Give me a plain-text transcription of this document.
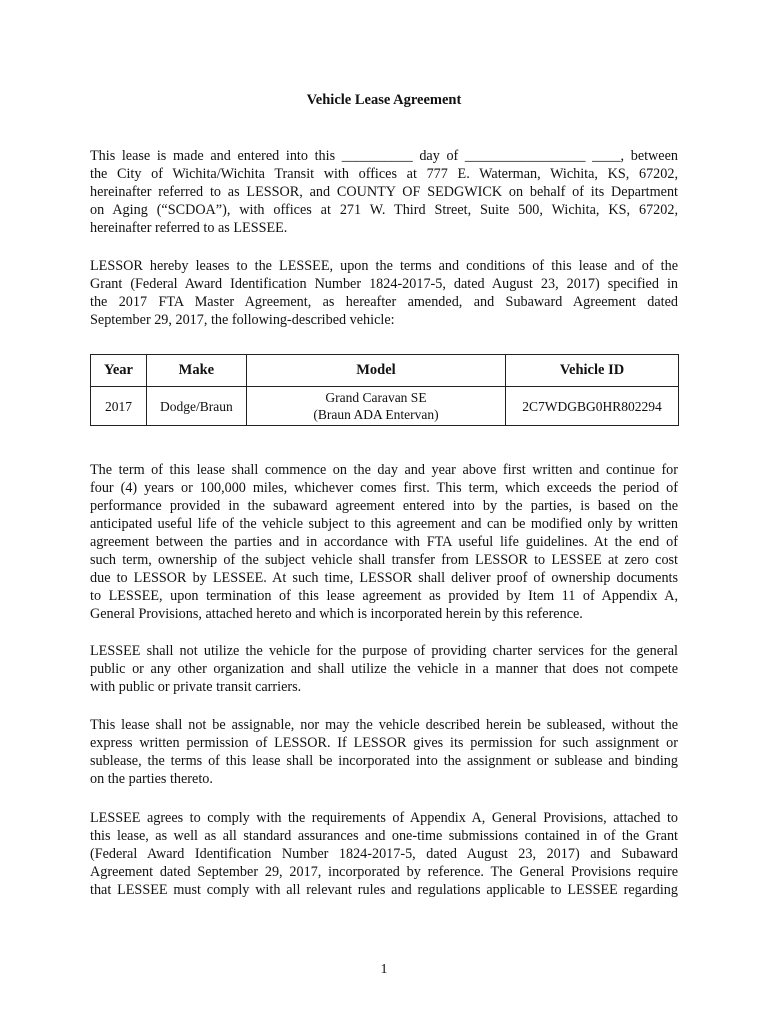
Vehicle Lease Agreement
This lease is made and entered into this __________ day of _________________ ____, between
the City of Wichita/Wichita Transit with offices at 777 E. Waterman, Wichita, KS, 67202,
hereinafter referred to as LESSOR, and COUNTY OF SEDGWICK on behalf of its Department
on Aging (“SCDOA”), with offices at 271 W. Third Street, Suite 500, Wichita, KS, 67202,
hereinafter referred to as LESSEE.
LESSOR hereby leases to the LESSEE, upon the terms and conditions of this lease and of the
Grant (Federal Award Identification Number 1824-2017-5, dated August 23, 2017) specified in
the 2017 FTA Master Agreement, as hereafter amended, and Subaward Agreement dated
September 29, 2017, the following-described vehicle:
Year	Make	Model	Vehicle ID
2017	Dodge/Braun	Grand Caravan SE
(Braun ADA Entervan)	2C7WDGBG0HR802294
The term of this lease shall commence on the day and year above first written and continue for
four (4) years or 100,000 miles, whichever comes first. This term, which exceeds the period of
performance provided in the subaward agreement entered into by the parties, is based on the
anticipated useful life of the vehicle subject to this agreement and can be modified only by written
agreement between the parties and in accordance with FTA useful life guidelines. At the end of
such term, ownership of the subject vehicle shall transfer from LESSOR to LESSEE at zero cost
due to LESSOR by LESSEE. At such time, LESSOR shall deliver proof of ownership documents
to LESSEE, upon termination of this lease agreement as provided by Item 11 of Appendix A,
General Provisions, attached hereto and which is incorporated herein by this reference.
LESSEE shall not utilize the vehicle for the purpose of providing charter services for the general
public or any other organization and shall utilize the vehicle in a manner that does not compete
with public or private transit carriers.
This lease shall not be assignable, nor may the vehicle described herein be subleased, without the
express written permission of LESSOR. If LESSOR gives its permission for such assignment or
sublease, the terms of this lease shall be incorporated into the assignment or sublease and binding
on the parties thereto.
LESSEE agrees to comply with the requirements of Appendix A, General Provisions, attached to
this lease, as well as all standard assurances and one-time submissions contained in of the Grant
(Federal Award Identification Number 1824-2017-5, dated August 23, 2017) and Subaward
Agreement dated September 29, 2017, incorporated by reference. The General Provisions require
that LESSEE must comply with all relevant rules and regulations applicable to LESSEE regarding
1
